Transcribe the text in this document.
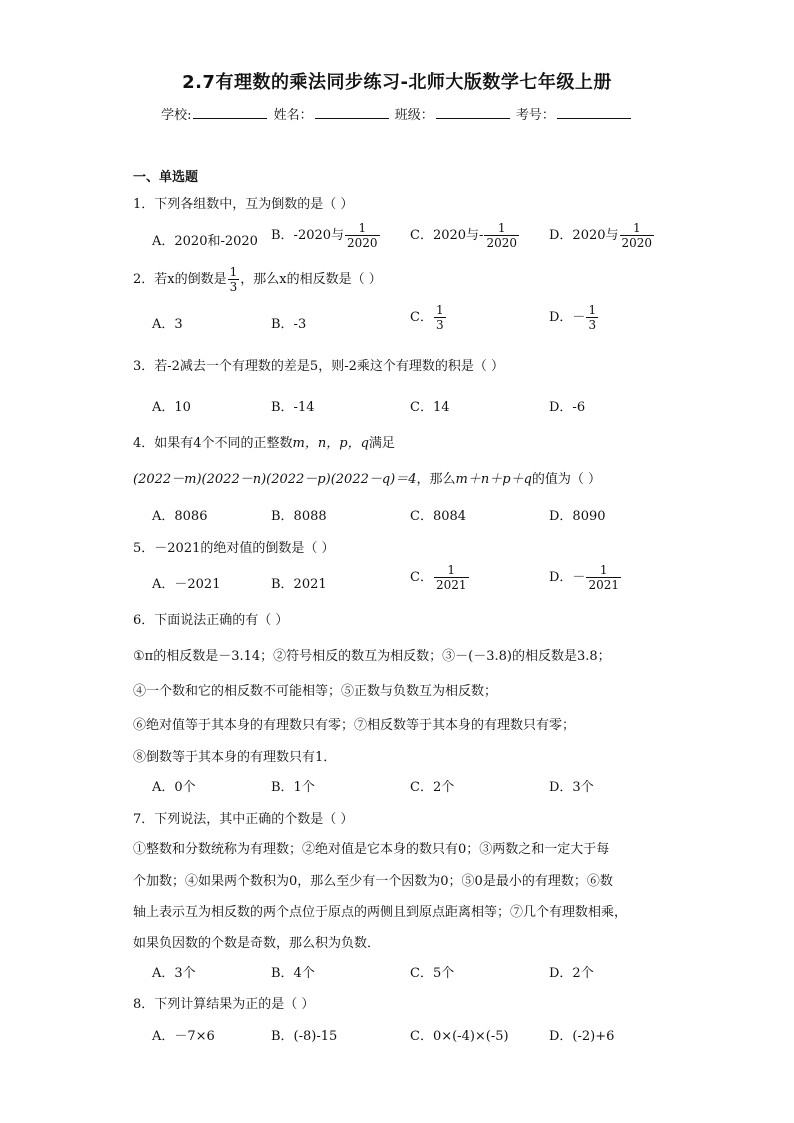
2.7有理数的乘法同步练习-北师大版数学七年级上册
学校:	姓名：	班级：	考号：
一、单选题
1．下列各组数中，互为倒数的是（ ）
A．2020和-2020 B．-2020与 $\frac{1}{2020}$ C．2020与- $\frac{1}{2020}$ D．2020与 $\frac{1}{2020}$
2．若x的倒数是 $\frac{1}{3}$ ，那么x的相反数是（ ）
A．3	B．-3	C． $\frac{1}{3}$	D．－ $\frac{1}{3}$
3．若-2减去一个有理数的差是5，则-2乘这个有理数的积是（ ）
A．10	B．-14	C．14	D．-6
4．如果有4个不同的正整数m，n，p，q满足
(2022－m)(2022－n)(2022－p)(2022－q)＝4，那么m＋n＋p＋q的值为（ ）
A．8086	B．8088	C．8084	D．8090
5．－2021的绝对值的倒数是（ ）
A．－2021	B．2021	C． $\frac{1}{2021}$	D．－ $\frac{1}{2021}$
6．下面说法正确的有（ ）
①π的相反数是－3.14；②符号相反的数互为相反数；③－(－3.8)的相反数是3.8；
④一个数和它的相反数不可能相等；⑤正数与负数互为相反数；
⑥绝对值等于其本身的有理数只有零；⑦相反数等于其本身的有理数只有零；
⑧倒数等于其本身的有理数只有1．
A．0个	B．1个	C．2个	D．3个
7．下列说法，其中正确的个数是（ ）
①整数和分数统称为有理数；②绝对值是它本身的数只有0；③两数之和一定大于每
个加数；④如果两个数积为0，那么至少有一个因数为0；⑤0是最小的有理数；⑥数
轴上表示互为相反数的两个点位于原点的两侧且到原点距离相等；⑦几个有理数相乘，
如果负因数的个数是奇数，那么积为负数．
A．3个	B．4个	C．5个	D．2个
8．下列计算结果为正的是（ ）
A．－7×6	B．(-8)-15	C．0×(-4)×(-5)	D．(-2)+6
